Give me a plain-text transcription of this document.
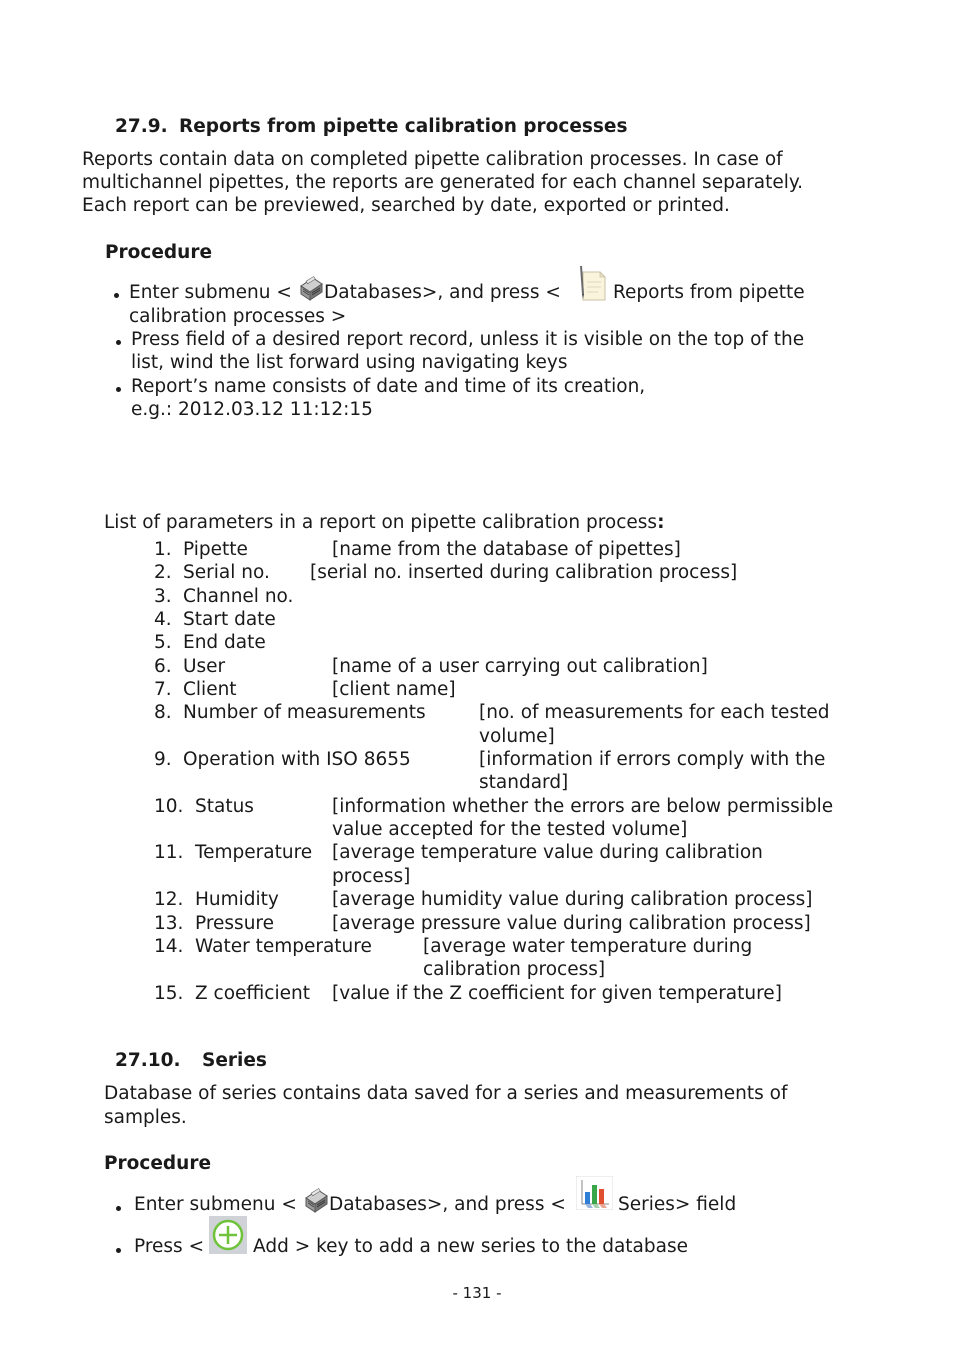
27.9. Reports from pipette calibration processes
Reports contain data on completed pipette calibration processes. In case of
multichannel pipettes, the reports are generated for each channel separately.
Each report can be previewed, searched by date, exported or printed.
Procedure
Enter submenu < Databases>, and press <	Reports from pipette
calibration processes >
Press field of a desired report record, unless it is visible on the top of the
list, wind the list forward using navigating keys
Report’s name consists of date and time of its creation,
e.g.: 2012.03.12 11:12:15
List of parameters in a report on pipette calibration process:
1. Pipette	[name from the database of pipettes]
2. Serial no. [serial no. inserted during calibration process]
3. Channel no.
4. Start date
5. End date
6. User	[name of a user carrying out calibration]
7. Client	[client name]
8. Number of measurements	[no. of measurements for each tested
volume]
9. Operation with ISO 8655	[information if errors comply with the
standard]
10. Status	[information whether the errors are below permissible
value accepted for the tested volume]
11. Temperature [average temperature value during calibration
process]
12. Humidity	[average humidity value during calibration process]
13. Pressure	[average pressure value during calibration process]
14. Water temperature	[average water temperature during
calibration process]
15. Z coefficient [value if the Z coefficient for given temperature]
27.10. Series
Database of series contains data saved for a series and measurements of
samples.
Procedure
Enter submenu < Databases>, and press <	Series> field
Press <	Add > key to add a new series to the database
- 131 -
